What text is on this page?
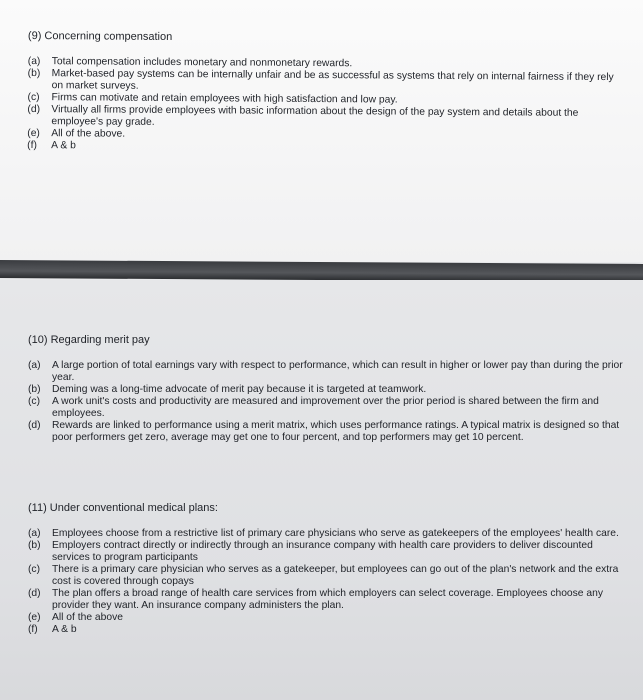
(9) Concerning compensation
(a)	Total compensation includes monetary and nonmonetary rewards.
(b)	Market-based pay systems can be internally unfair and be as successful as systems that rely on internal fairness if they rely on market surveys.
(c)	Firms can motivate and retain employees with high satisfaction and low pay.
(d)	Virtually all firms provide employees with basic information about the design of the pay system and details about the employee's pay grade.
(e)	All of the above.
(f)	A & b
(10) Regarding merit pay
(a)	A large portion of total earnings vary with respect to performance, which can result in higher or lower pay than during the prior year.
(b)	Deming was a long-time advocate of merit pay because it is targeted at teamwork.
(c)	A work unit's costs and productivity are measured and improvement over the prior period is shared between the firm and employees.
(d)	Rewards are linked to performance using a merit matrix, which uses performance ratings. A typical matrix is designed so that poor performers get zero, average may get one to four percent, and top performers may get 10 percent.
(11) Under conventional medical plans:
(a)	Employees choose from a restrictive list of primary care physicians who serve as gatekeepers of the employees' health care.
(b)	Employers contract directly or indirectly through an insurance company with health care providers to deliver discounted services to program participants
(c)	There is a primary care physician who serves as a gatekeeper, but employees can go out of the plan's network and the extra cost is covered through copays
(d)	The plan offers a broad range of health care services from which employers can select coverage. Employees choose any provider they want. An insurance company administers the plan.
(e)	All of the above
(f)	A & b
